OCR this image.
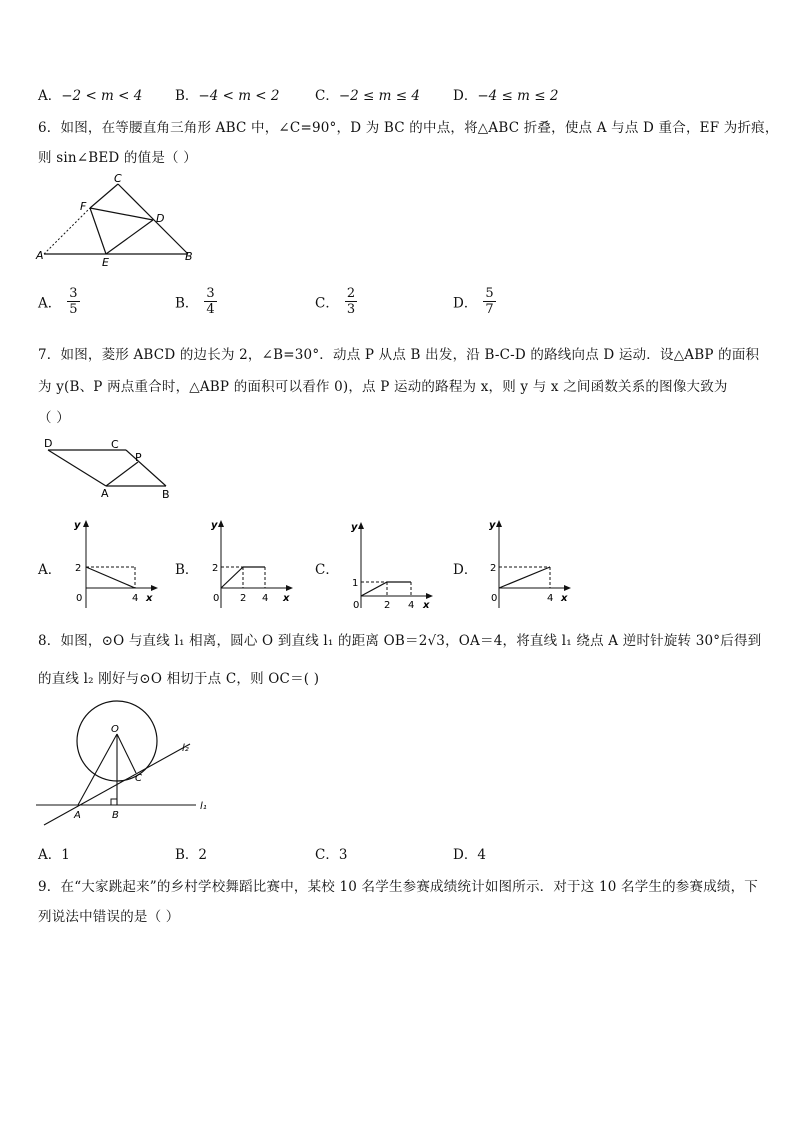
A．−2 < m < 4 B．−4 < m < 2	C．−2 ≤ m ≤ 4 D．−4 ≤ m ≤ 2
6．如图，在等腰直角三角形 ABC 中，∠C=90°，D 为 BC 的中点，将△ABC 折叠，使点 A 与点 D 重合，EF 为折痕，
则 sin∠BED 的值是（ ）
C
F
D
A
E	B
A． $\frac{3}{5}$	B． $\frac{3}{4}$	C． $\frac{2}{3}$	D． $\frac{5}{7}$
7．如图，菱形 ABCD 的边长为 2，∠B=30°．动点 P 从点 B 出发，沿 B-C-D 的路线向点 D 运动．设△ABP 的面积
为 y(B、P 两点重合时，△ABP 的面积可以看作 0)，点 P 运动的路程为 x，则 y 与 x 之间函数关系的图像大致为
（ ）
D	C
P
A	B
A．
y
x
0
2
4
B．
y
x
0
2
2 4
C．
y
x
0
1
2 4
D．
y
x
0
2
4
8．如图，⊙O 与直线 l₁ 相离，圆心 O 到直线 l₁ 的距离 OB＝2√3，OA＝4，将直线 l₁ 绕点 A 逆时针旋转 30°后得到
的直线 l₂ 刚好与⊙O 相切于点 C，则 OC＝( )
O
l₂
C
l₁
A	B
A．1	B．2	C．3	D．4
9．在“大家跳起来”的乡村学校舞蹈比赛中，某校 10 名学生参赛成绩统计如图所示．对于这 10 名学生的参赛成绩，下
列说法中错误的是（ ）
